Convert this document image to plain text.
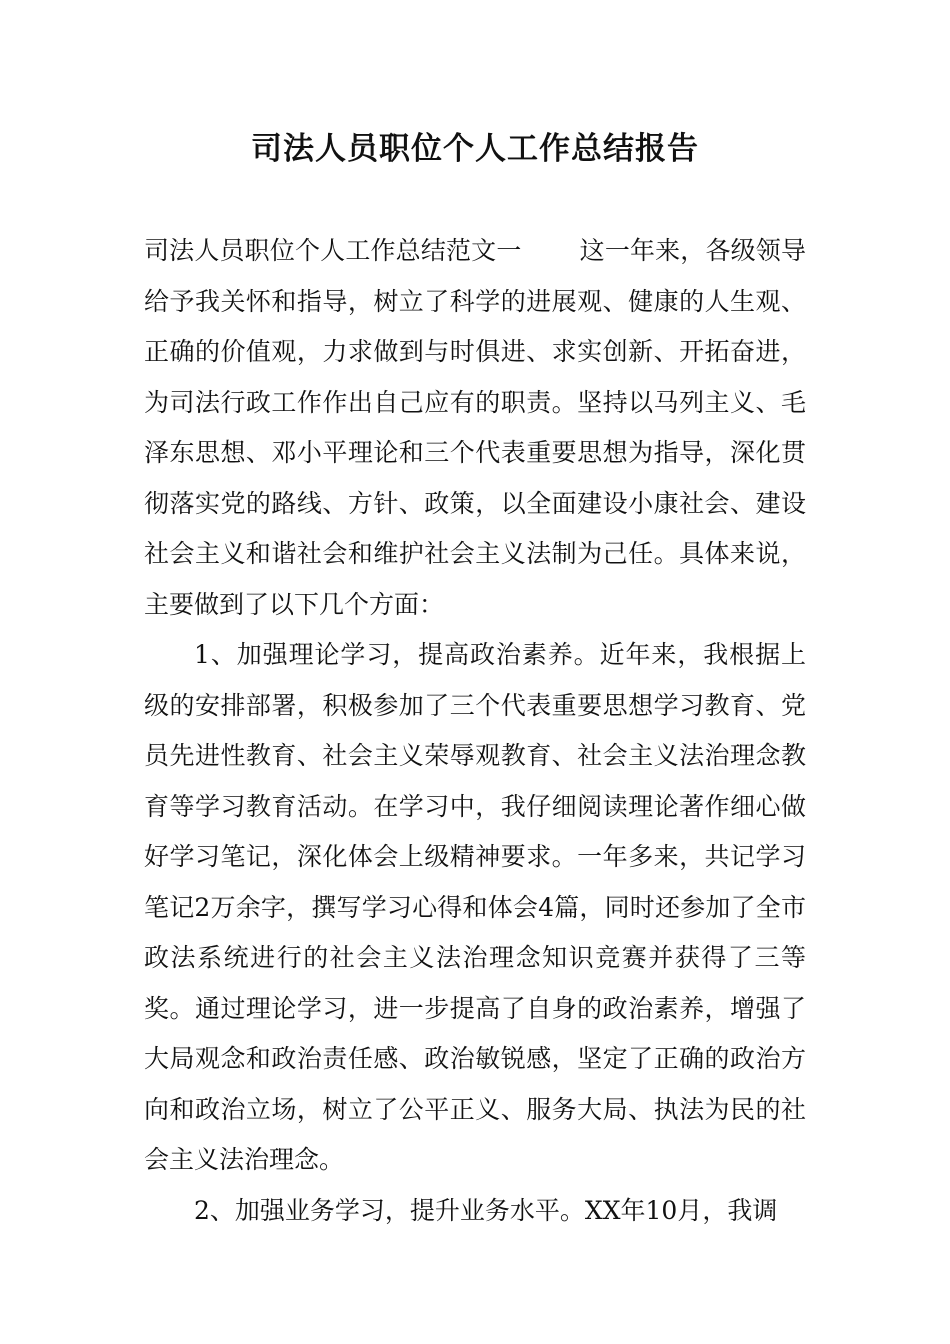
司法人员职位个人工作总结报告

司法人员职位个人工作总结范文一 这一年来，各级领导给予我关怀和指导，树立了科学的进展观、健康的人生观、正确的价值观，力求做到与时俱进、求实创新、开拓奋进，为司法行政工作作出自己应有的职责。坚持以马列主义、毛泽东思想、邓小平理论和三个代表重要思想为指导，深化贯彻落实党的路线、方针、政策，以全面建设小康社会、建设社会主义和谐社会和维护社会主义法制为己任。具体来说，主要做到了以下几个方面：

1、加强理论学习，提高政治素养。近年来，我根据上级的安排部署，积极参加了三个代表重要思想学习教育、党员先进性教育、社会主义荣辱观教育、社会主义法治理念教育等学习教育活动。在学习中，我仔细阅读理论著作细心做好学习笔记，深化体会上级精神要求。一年多来，共记学习笔记2万余字，撰写学习心得和体会4篇，同时还参加了全市政法系统进行的社会主义法治理念知识竞赛并获得了三等奖。通过理论学习，进一步提高了自身的政治素养，增强了大局观念和政治责任感、政治敏锐感，坚定了正确的政治方向和政治立场，树立了公平正义、服务大局、执法为民的社会主义法治理念。

2、加强业务学习，提升业务水平。XX年10月，我调
